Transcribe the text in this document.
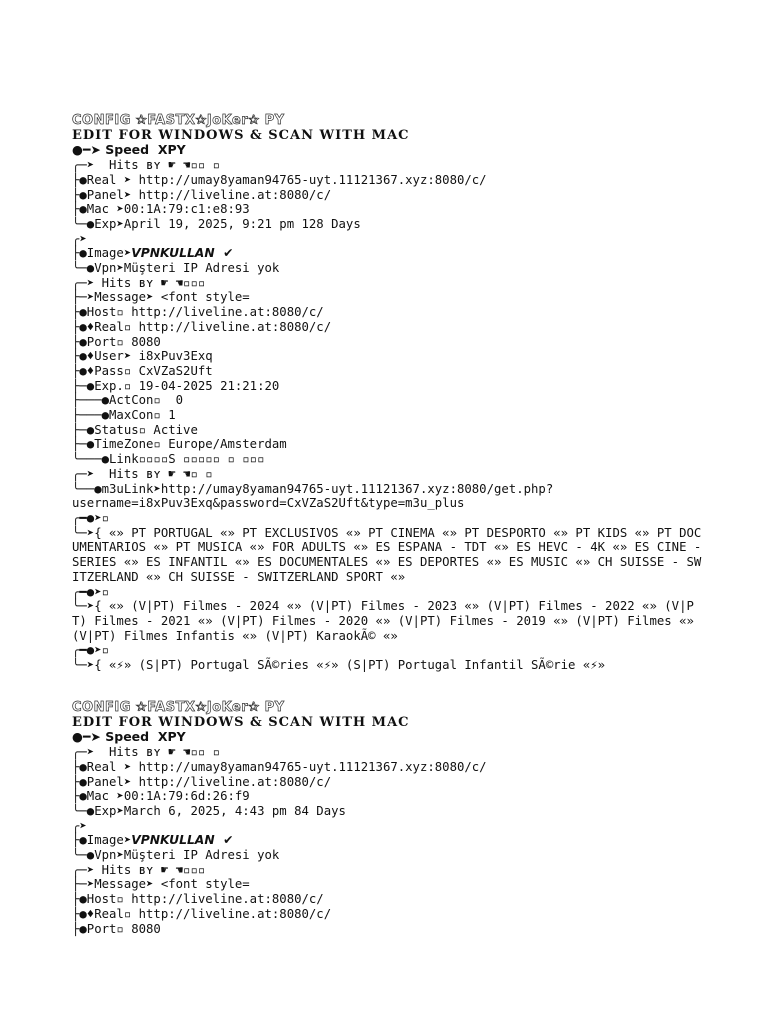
CONFIG ✰FASTX✰JoKer✰ PY
EDIT FOR WINDOWS & SCAN WITH MAC
●━➤ Speed  XPY
╭─➤  Hits ʙʏ ☛ ☚▫▫ ▫
├●Real ➤ http://umay8yaman94765-uyt.11121367.xyz:8080/c/
├●Panel➤ http://liveline.at:8080/c/
├●Mac ➤00:1A:79:c1:e8:93
╰─●Exp➤April 19, 2025, 9:21 pm 128 Days
╭➤
├●Image➤VPNKULLAN  ✔
╰─●Vpn➤Müşteri IP Adresi yok
╭─➤ Hits ʙʏ ☛ ☚▫▫▫
├─➤Message➤ <font style=
├●Host▫ http://liveline.at:8080/c/
├●♦Real▫ http://liveline.at:8080/c/
├●Port▫ 8080
├●♦User➤ i8xPuv3Exq
├●♦Pass▫ CxVZaS2Uft
├─●Exp.▫ 19-04-2025 21:21:20
├───●ActCon▫  0
├───●MaxCon▫ 1
├─●Status▫ Active
├─●TimeZone▫ Europe/Amsterdam
╰───●Link▫▫▫▫S ▫▫▫▫▫ ▫ ▫▫▫
╭─➤  Hits ʙʏ ☛ ☚▫ ▫
╰──●m3uLink➤http://umay8yaman94765-uyt.11121367.xyz:8080/get.php?
username=i8xPuv3Exq&password=CxVZaS2Uft&type=m3u_plus
╭━●➤▫
╰─➤{ «» PT PORTUGAL «» PT EXCLUSIVOS «» PT CINEMA «» PT DESPORTO «» PT KIDS «» PT DOCUMENTARIOS «» PT MUSICA «» FOR ADULTS «» ES ESPANA - TDT «» ES HEVC - 4K «» ES CINE - SERIES «» ES INFANTIL «» ES DOCUMENTALES «» ES DEPORTES «» ES MUSIC «» CH SUISSE - SWITZERLAND «» CH SUISSE - SWITZERLAND SPORT «»
╭━●➤▫
╰─➤{ «» (V|PT) Filmes - 2024 «» (V|PT) Filmes - 2023 «» (V|PT) Filmes - 2022 «» (V|PT) Filmes - 2021 «» (V|PT) Filmes - 2020 «» (V|PT) Filmes - 2019 «» (V|PT) Filmes «» (V|PT) Filmes Infantis «» (V|PT) KaraokÃ© «»
╭━●➤▫
╰─➤{ «⚡» (S|PT) Portugal SÃ©ries «⚡» (S|PT) Portugal Infantil SÃ©rie «⚡»
CONFIG ✰FASTX✰JoKer✰ PY
EDIT FOR WINDOWS & SCAN WITH MAC
●━➤ Speed  XPY
╭─➤  Hits ʙʏ ☛ ☚▫▫ ▫
├●Real ➤ http://umay8yaman94765-uyt.11121367.xyz:8080/c/
├●Panel➤ http://liveline.at:8080/c/
├●Mac ➤00:1A:79:6d:26:f9
╰─●Exp➤March 6, 2025, 4:43 pm 84 Days
╭➤
├●Image➤VPNKULLAN  ✔
╰─●Vpn➤Müşteri IP Adresi yok
╭─➤ Hits ʙʏ ☛ ☚▫▫▫
├─➤Message➤ <font style=
├●Host▫ http://liveline.at:8080/c/
├●♦Real▫ http://liveline.at:8080/c/
├●Port▫ 8080
